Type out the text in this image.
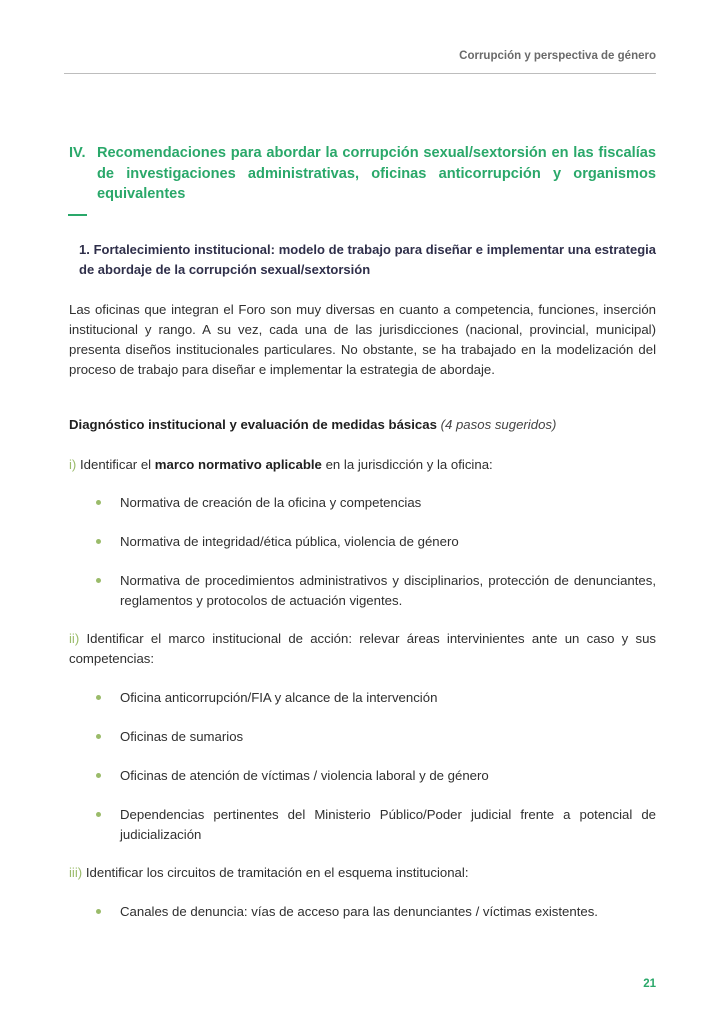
Corrupción y perspectiva de género
IV. Recomendaciones para abordar la corrupción sexual/sextorsión en las fiscalías de investigaciones administrativas, oficinas anticorrupción y organismos equivalentes
1. Fortalecimiento institucional: modelo de trabajo para diseñar e implementar una estrategia de abordaje de la corrupción sexual/sextorsión
Las oficinas que integran el Foro son muy diversas en cuanto a competencia, funciones, inserción institucional y rango. A su vez, cada una de las jurisdicciones (nacional, provincial, municipal) presenta diseños institucionales particulares. No obstante, se ha trabajado en la modelización del proceso de trabajo para diseñar e implementar la estrategia de abordaje.
Diagnóstico institucional y evaluación de medidas básicas (4 pasos sugeridos)
i) Identificar el marco normativo aplicable en la jurisdicción y la oficina:
Normativa de creación de la oficina y competencias
Normativa de integridad/ética pública, violencia de género
Normativa de procedimientos administrativos y disciplinarios, protección de denunciantes, reglamentos y protocolos de actuación vigentes.
ii) Identificar el marco institucional de acción: relevar áreas intervinientes ante un caso y sus competencias:
Oficina anticorrupción/FIA y alcance de la intervención
Oficinas de sumarios
Oficinas de atención de víctimas / violencia laboral y de género
Dependencias pertinentes del Ministerio Público/Poder judicial frente a potencial de judicialización
iii) Identificar los circuitos de tramitación en el esquema institucional:
Canales de denuncia: vías de acceso para las denunciantes / víctimas existentes.
21
